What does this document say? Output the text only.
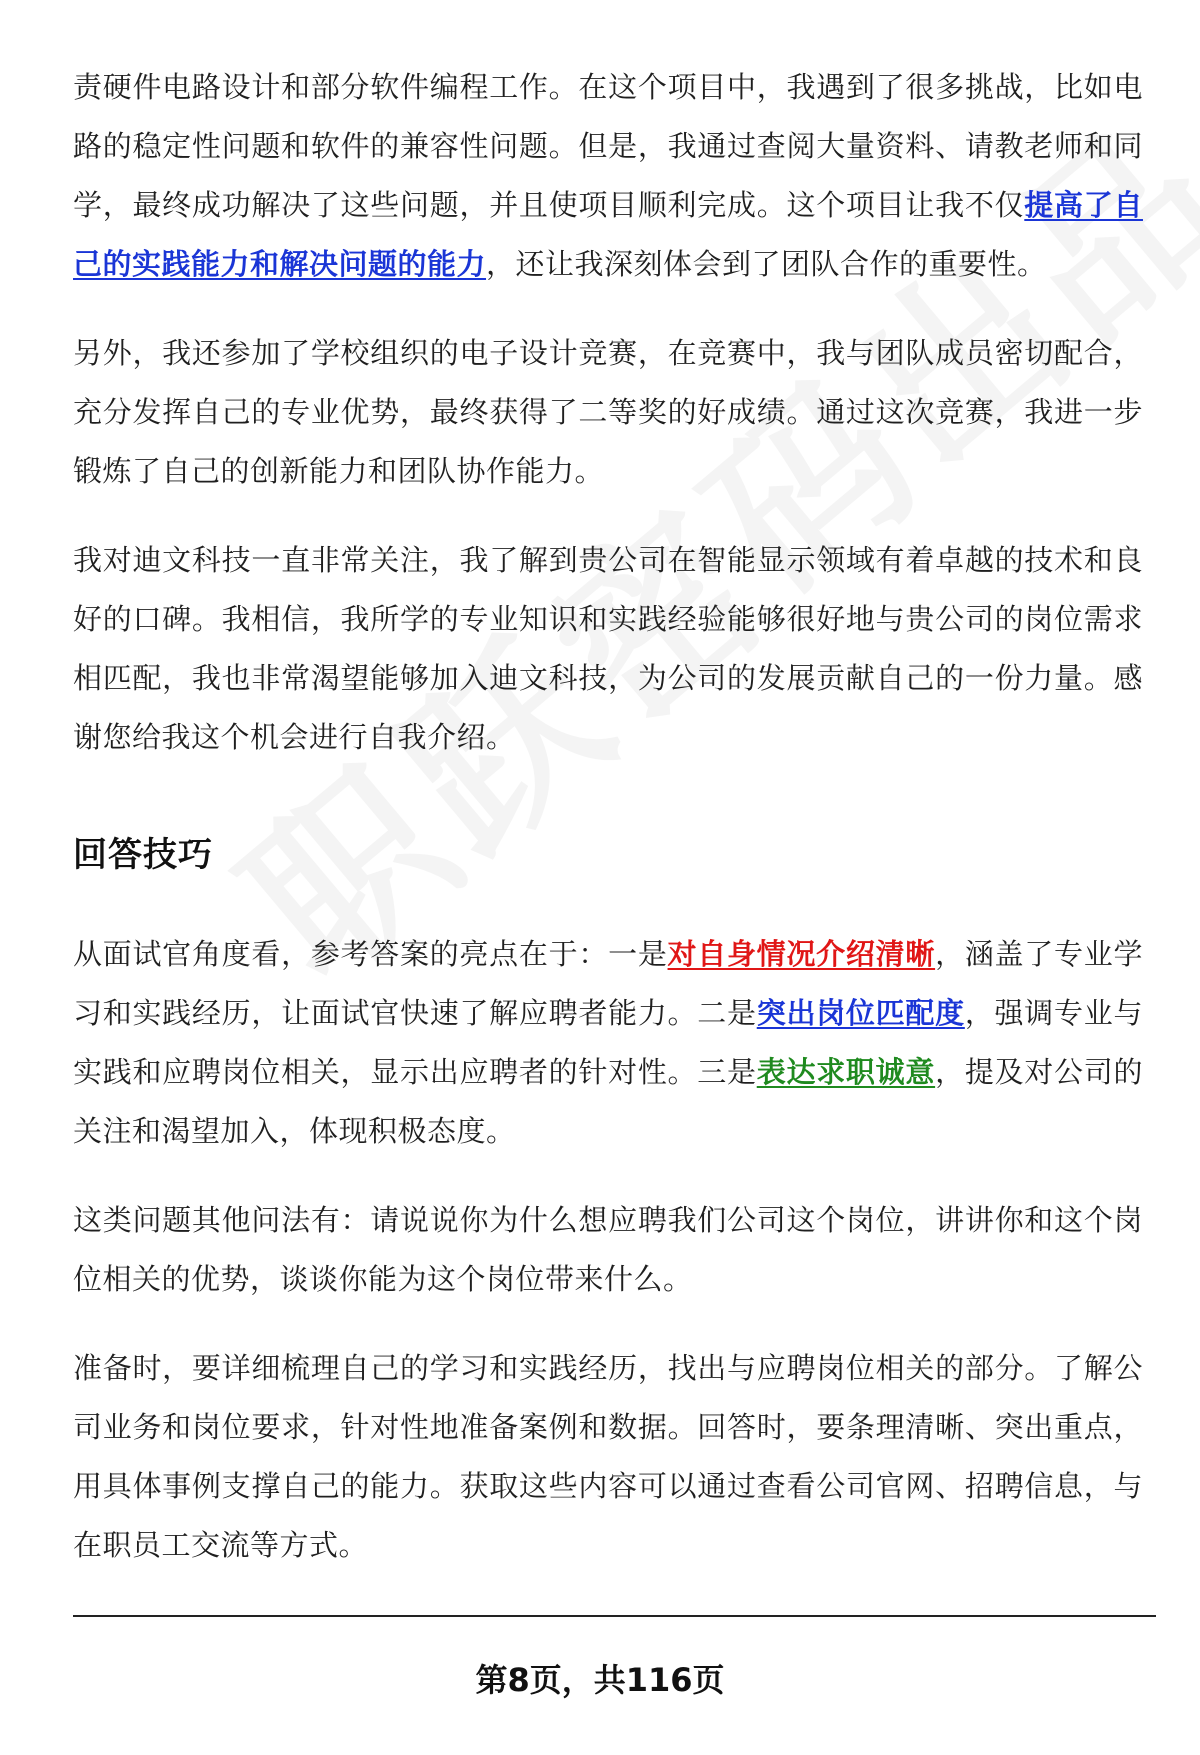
责硬件电路设计和部分软件编程工作。在这个项目中，我遇到了很多挑战，比如电路的稳定性问题和软件的兼容性问题。但是，我通过查阅大量资料、请教老师和同学，最终成功解决了这些问题，并且使项目顺利完成。这个项目让我不仅提高了自己的实践能力和解决问题的能力，还让我深刻体会到了团队合作的重要性。

另外，我还参加了学校组织的电子设计竞赛，在竞赛中，我与团队成员密切配合，充分发挥自己的专业优势，最终获得了二等奖的好成绩。通过这次竞赛，我进一步锻炼了自己的创新能力和团队协作能力。

我对迪文科技一直非常关注，我了解到贵公司在智能显示领域有着卓越的技术和良好的口碑。我相信，我所学的专业知识和实践经验能够很好地与贵公司的岗位需求相匹配，我也非常渴望能够加入迪文科技，为公司的发展贡献自己的一份力量。感谢您给我这个机会进行自我介绍。

回答技巧

从面试官角度看，参考答案的亮点在于：一是对自身情况介绍清晰，涵盖了专业学习和实践经历，让面试官快速了解应聘者能力。二是突出岗位匹配度，强调专业与实践和应聘岗位相关，显示出应聘者的针对性。三是表达求职诚意，提及对公司的关注和渴望加入，体现积极态度。

这类问题其他问法有：请说说你为什么想应聘我们公司这个岗位，讲讲你和这个岗位相关的优势，谈谈你能为这个岗位带来什么。

准备时，要详细梳理自己的学习和实践经历，找出与应聘岗位相关的部分。了解公司业务和岗位要求，针对性地准备案例和数据。回答时，要条理清晰、突出重点，用具体事例支撑自己的能力。获取这些内容可以通过查看公司官网、招聘信息，与在职员工交流等方式。

第8页，共116页
